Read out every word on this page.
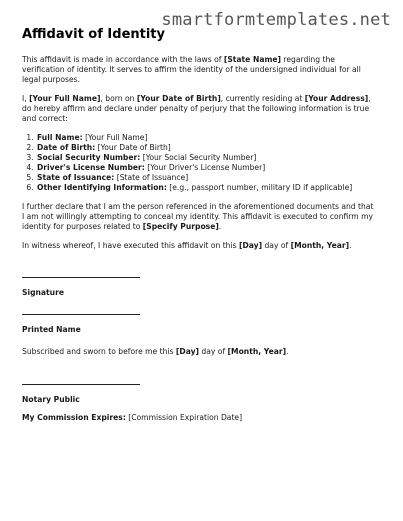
smartformtemplates.net
Affidavit of Identity

This affidavit is made in accordance with the laws of [State Name] regarding the verification of identity. It serves to affirm the identity of the undersigned individual for all legal purposes.

I, [Your Full Name], born on [Your Date of Birth], currently residing at [Your Address], do hereby affirm and declare under penalty of perjury that the following information is true and correct:

1. Full Name: [Your Full Name]
2. Date of Birth: [Your Date of Birth]
3. Social Security Number: [Your Social Security Number]
4. Driver's License Number: [Your Driver's License Number]
5. State of Issuance: [State of Issuance]
6. Other Identifying Information: [e.g., passport number, military ID if applicable]

I further declare that I am the person referenced in the aforementioned documents and that I am not willingly attempting to conceal my identity. This affidavit is executed to confirm my identity for purposes related to [Specify Purpose].

In witness whereof, I have executed this affidavit on this [Day] day of [Month, Year].

Signature
Printed Name

Subscribed and sworn to before me this [Day] day of [Month, Year].

Notary Public

My Commission Expires: [Commission Expiration Date]
